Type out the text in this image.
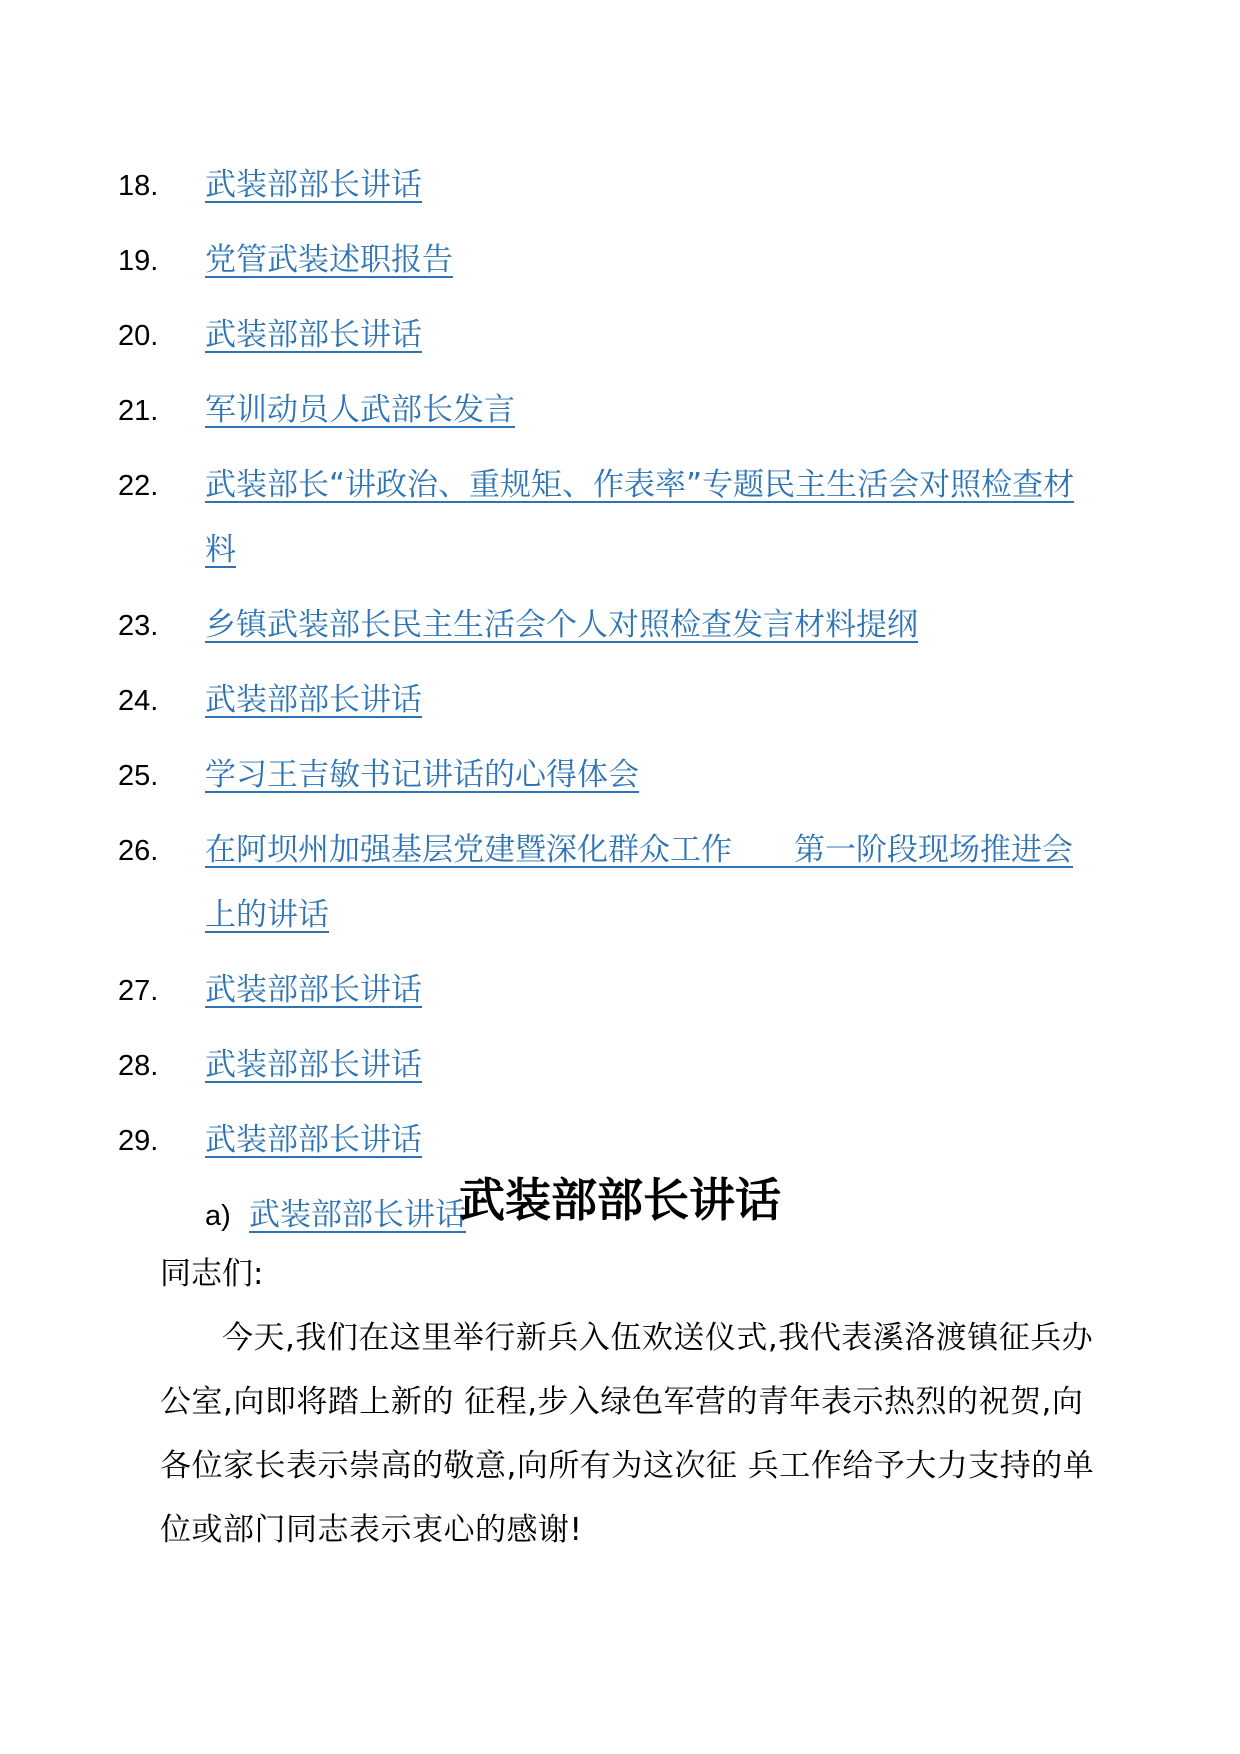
18.	武装部部长讲话
19.	党管武装述职报告
20.	武装部部长讲话
21.	军训动员人武部长发言
22.	武装部长“讲政治、重规矩、作表率”专题民主生活会对照检查材料
23.	乡镇武装部长民主生活会个人对照检查发言材料提纲
24.	武装部部长讲话
25.	学习王吉敏书记讲话的心得体会
26.	在阿坝州加强基层党建暨深化群众工作　　第一阶段现场推进会上的讲话
27.	武装部部长讲话
28.	武装部部长讲话
29.	武装部部长讲话
a) 武装部部长讲话
武装部部长讲话

同志们:

今天,我们在这里举行新兵入伍欢送仪式,我代表溪洛渡镇征兵办公室,向即将踏上新的 征程,步入绿色军营的青年表示热烈的祝贺,向各位家长表示崇高的敬意,向所有为这次征 兵工作给予大力支持的单位或部门同志表示衷心的感谢!
